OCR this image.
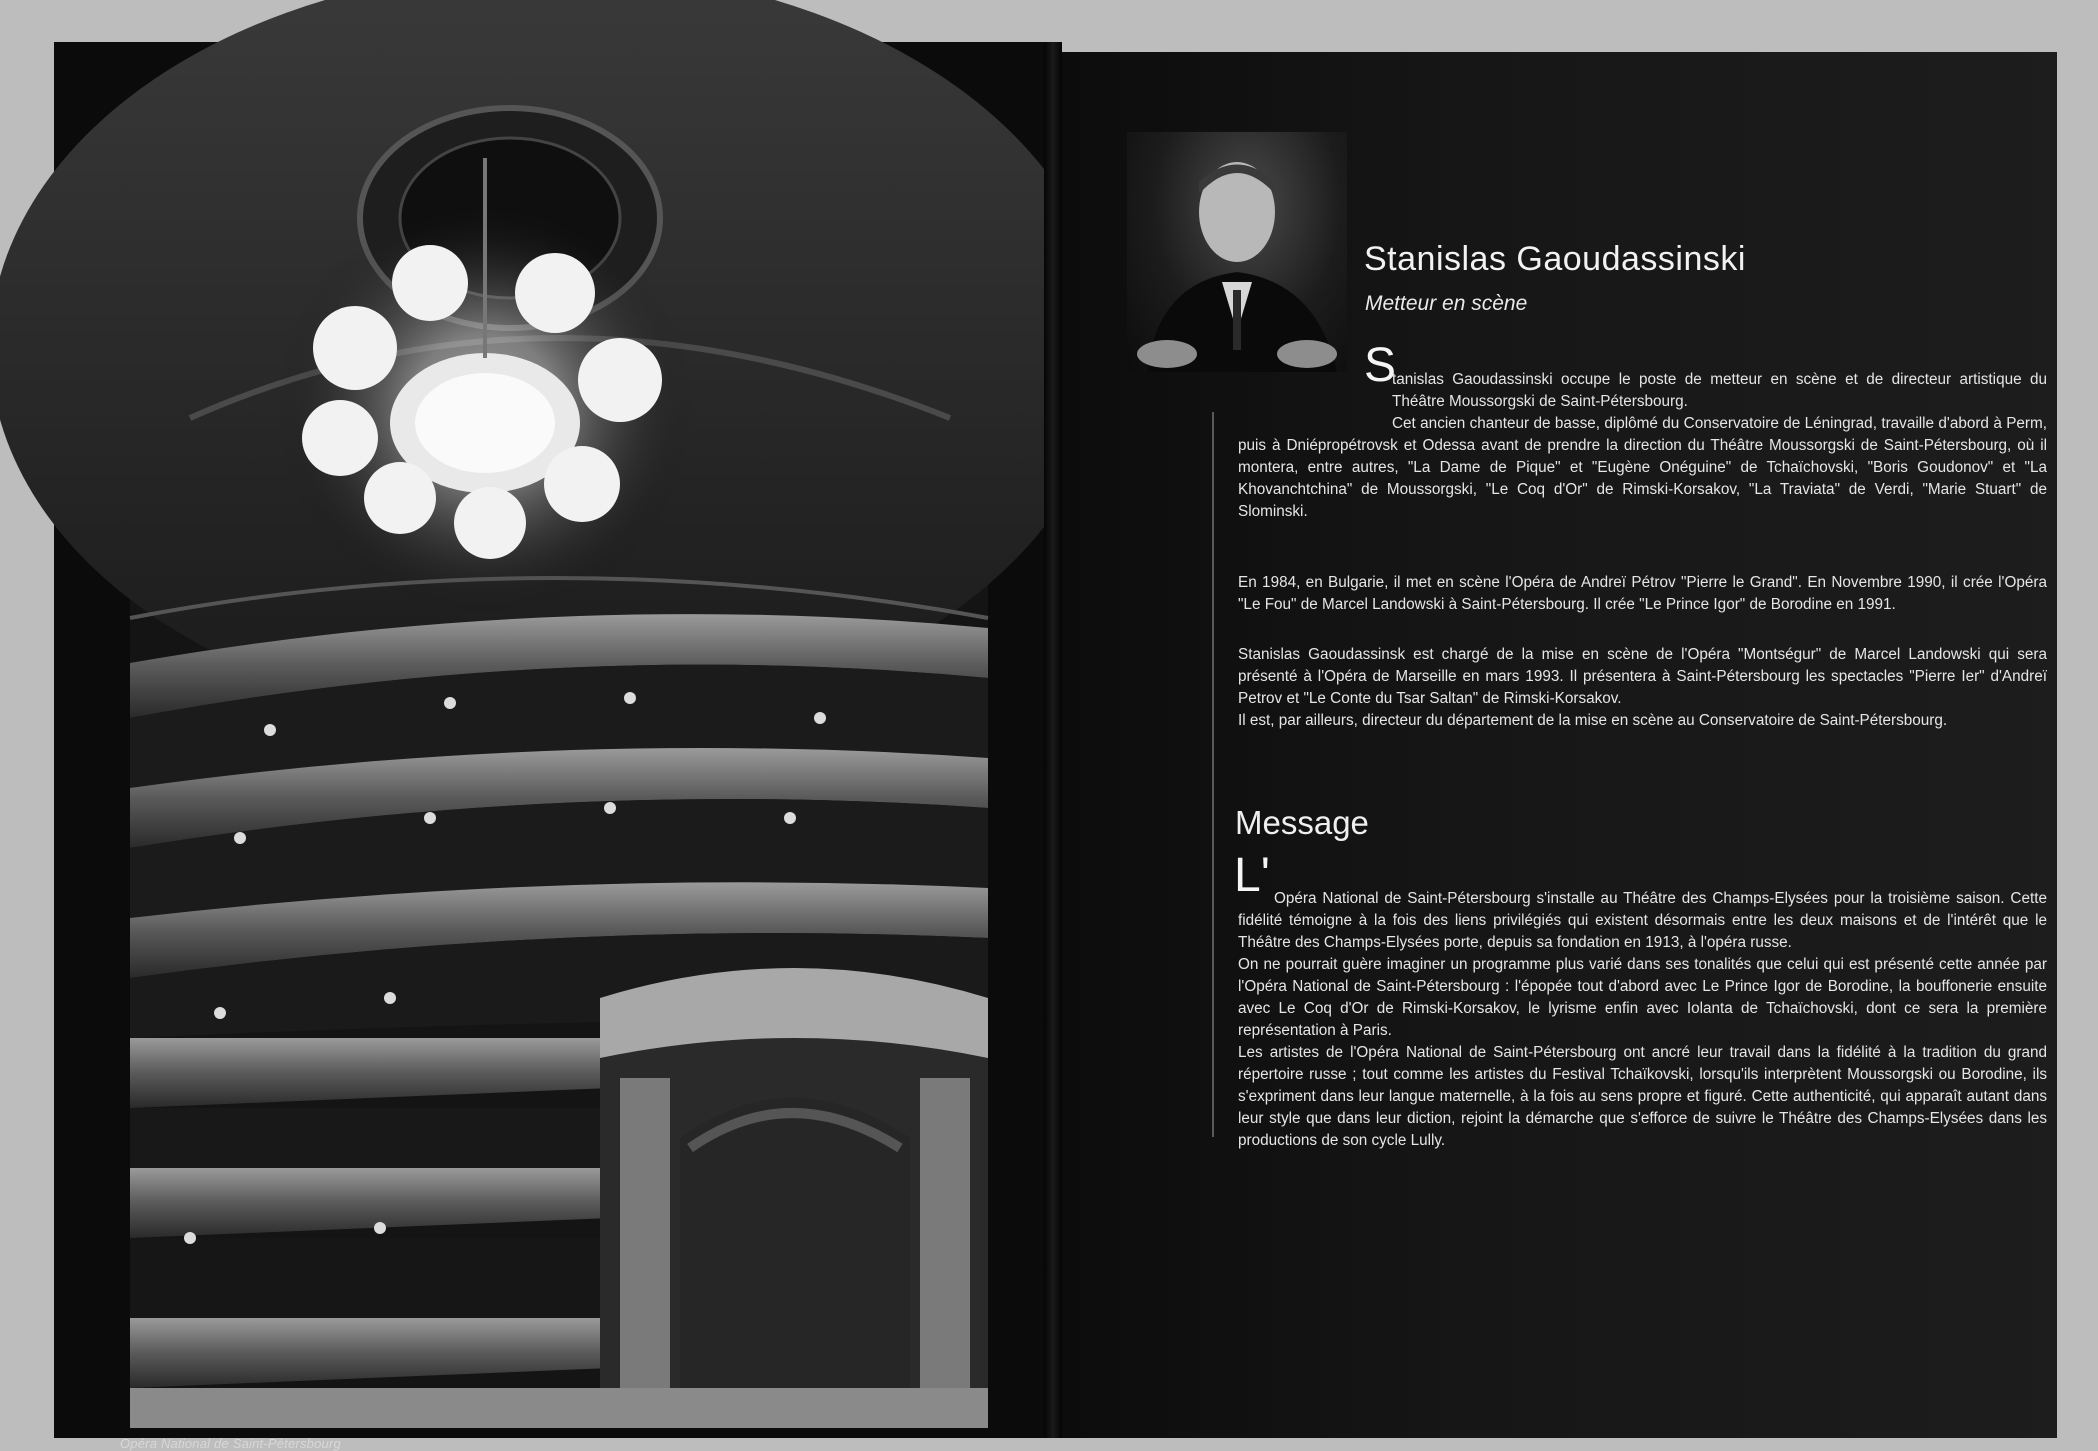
Opéra National de Saint-Pétersbourg
Stanislas Gaoudassinski
Metteur en scène
S

tanislas Gaoudassinski occupe le poste de metteur en scène et de directeur artistique du Théâtre Moussorgski de Saint-Pétersbourg.

Cet ancien chanteur de basse, diplômé du Conservatoire de Léningrad, travaille d'abord à Perm, puis à Dniépropétrovsk et Odessa avant de prendre la direction du Théâtre Moussorgski de Saint-Pétersbourg, où il montera, entre autres, "La Dame de Pique" et "Eugène Onéguine" de Tchaïchovski, "Boris Goudonov" et "La Khovanchtchina" de Moussorgski, "Le Coq d'Or" de Rimski-Korsakov, "La Traviata" de Verdi, "Marie Stuart" de Slominski.

En 1984, en Bulgarie, il met en scène l'Opéra de Andreï Pétrov "Pierre le Grand". En Novembre 1990, il crée l'Opéra "Le Fou" de Marcel Landowski à Saint-Pétersbourg. Il crée "Le Prince Igor" de Borodine en 1991.

Stanislas Gaoudassinsk est chargé de la mise en scène de l'Opéra "Montségur" de Marcel Landowski qui sera présenté à l'Opéra de Marseille en mars 1993. Il présentera à Saint-Pétersbourg les spectacles "Pierre Ier" d'Andreï Petrov et "Le Conte du Tsar Saltan" de Rimski-Korsakov.

Il est, par ailleurs, directeur du département de la mise en scène au Conservatoire de Saint-Pétersbourg.

Message
L' Opéra National de Saint-Pétersbourg s'installe au Théâtre des Champs-Elysées pour la troisième saison. Cette fidélité témoigne à la fois des liens privilégiés qui existent désormais entre les deux maisons et de l'intérêt que le Théâtre des Champs-Elysées porte, depuis sa fondation en 1913, à l'opéra russe.

On ne pourrait guère imaginer un programme plus varié dans ses tonalités que celui qui est présenté cette année par l'Opéra National de Saint-Pétersbourg : l'épopée tout d'abord avec Le Prince Igor de Borodine, la bouffonerie ensuite avec Le Coq d'Or de Rimski-Korsakov, le lyrisme enfin avec Iolanta de Tchaïchovski, dont ce sera la première représentation à Paris.

Les artistes de l'Opéra National de Saint-Pétersbourg ont ancré leur travail dans la fidélité à la tradition du grand répertoire russe ; tout comme les artistes du Festival Tchaïkovski, lorsqu'ils interprètent Moussorgski ou Borodine, ils s'expriment dans leur langue maternelle, à la fois au sens propre et figuré. Cette authenticité, qui apparaît autant dans leur style que dans leur diction, rejoint la démarche que s'efforce de suivre le Théâtre des Champs-Elysées dans les productions de son cycle Lully.
